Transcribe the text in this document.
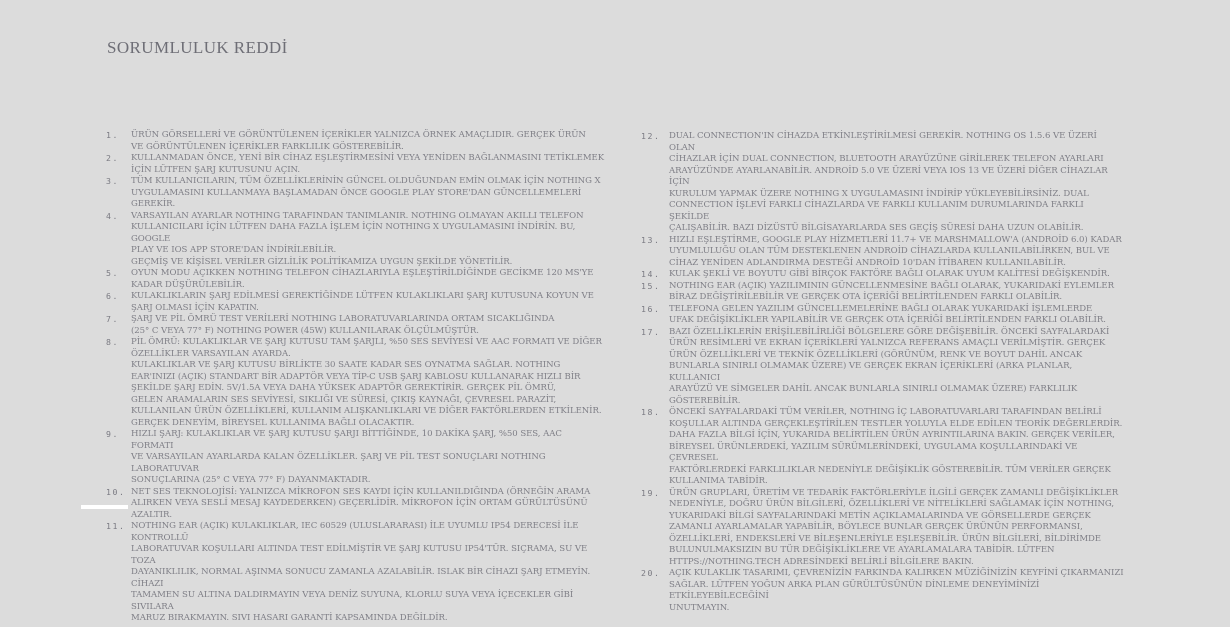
SORUMLULUK REDDİ
1. ÜRÜN GÖRSELLERİ VE GÖRÜNTÜLENEN İÇERİKLER YALNIZCA ÖRNEK AMAÇLIDIR. GERÇEK ÜRÜN
VE GÖRÜNTÜLENEN İÇERİKLER FARKLILIK GÖSTEREBİLİR.
2. KULLANMADAN ÖNCE, YENİ BİR CİHAZ EŞLEŞTİRMESİNİ VEYA YENİDEN BAĞLANMASINI TETİKLEMEK
İÇİN LÜTFEN ŞARJ KUTUSUNU AÇIN.
3. TÜM KULLANICILARIN, TÜM ÖZELLİKLERİNİN GÜNCEL OLDUĞUNDAN EMİN OLMAK İÇİN NOTHING X
UYGULAMASINI KULLANMAYA BAŞLAMADAN ÖNCE GOOGLE PLAY STORE'DAN GÜNCELLEMELERİ GEREKİR.
4. VARSAYILAN AYARLAR NOTHING TARAFINDAN TANIMLANIR. NOTHING OLMAYAN AKILLI TELEFON
KULLANICILARI İÇİN LÜTFEN DAHA FAZLA İŞLEM İÇİN NOTHING X UYGULAMASINI İNDİRİN. BU, GOOGLE
PLAY VE IOS APP STORE'DAN İNDİRİLEBİLİR.
GEÇMİŞ VE KİŞİSEL VERİLER GİZLİLİK POLİTİKAMIZA UYGUN ŞEKİLDE YÖNETİLİR.
5. OYUN MODU AÇIKKEN NOTHING TELEFON CİHAZLARIYLA EŞLEŞTİRİLDİĞİNDE GECİKME 120 MS'YE
KADAR DÜŞÜRÜLEBİLİR.
6. KULAKLIKLARIN ŞARJ EDİLMESİ GEREKTİĞİNDE LÜTFEN KULAKLIKLARI ŞARJ KUTUSUNA KOYUN VE
ŞARJ OLMASI İÇİN KAPATIN.
7. ŞARJ VE PİL ÖMRÜ TEST VERİLERİ NOTHING LABORATUVARLARINDA ORTAM SICAKLIĞINDA
(25° C VEYA 77° F) NOTHING POWER (45W) KULLANILARAK ÖLÇÜLMÜŞTÜR.
8. PİL ÖMRÜ: KULAKLIKLAR VE ŞARJ KUTUSU TAM ŞARJLI, %50 SES SEVİYESİ VE AAC FORMATI VE DİĞER
ÖZELLİKLER VARSAYILAN AYARDA.
KULAKLIKLAR VE ŞARJ KUTUSU BİRLİKTE 30 SAATE KADAR SES OYNATMA SAĞLAR. NOTHING
EAR'INIZI (AÇIK) STANDART BİR ADAPTÖR VEYA TİP-C USB ŞARJ KABLOSU KULLANARAK HIZLI BİR
ŞEKİLDE ŞARJ EDİN. 5V/1.5A VEYA DAHA YÜKSEK ADAPTÖR GEREKTİRİR. GERÇEK PİL ÖMRÜ,
GELEN ARAMALARIN SES SEVİYESİ, SIKLIĞI VE SÜRESİ, ÇIKIŞ KAYNAĞI, ÇEVRESEL PARAZİT,
KULLANILAN ÜRÜN ÖZELLİKLERİ, KULLANIM ALIŞKANLIKLARI VE DİĞER FAKTÖRLERDEN ETKİLENİR.
GERÇEK DENEYİM, BİREYSEL KULLANIMA BAĞLI OLACAKTIR.
9. HIZLI ŞARJ: KULAKLIKLAR VE ŞARJ KUTUSU ŞARJI BİTTİĞİNDE, 10 DAKİKA ŞARJ, %50 SES, AAC FORMATI
VE VARSAYILAN AYARLARDA KALAN ÖZELLİKLER. ŞARJ VE PİL TEST SONUÇLARI NOTHING LABORATUVAR
SONUÇLARINA (25° C VEYA 77° F) DAYANMAKTADIR.
10. NET SES TEKNOLOJİSİ: YALNIZCA MİKROFON SES KAYDI İÇİN KULLANILDIĞINDA (ÖRNEĞİN ARAMA
ALIRKEN VEYA SESLİ MESAJ KAYDEDERKEN) GEÇERLİDİR. MİKROFON İÇİN ORTAM GÜRÜLTÜSÜNÜ AZALTIR.
11. NOTHING EAR (AÇIK) KULAKLIKLAR, IEC 60529 (ULUSLARARASI) İLE UYUMLU IP54 DERECESİ İLE KONTROLLÜ
LABORATUVAR KOŞULLARI ALTINDA TEST EDİLMİŞTİR VE ŞARJ KUTUSU IP54'TÜR. SIÇRAMA, SU VE TOZA
DAYANIKLILIK, NORMAL AŞINMA SONUCU ZAMANLA AZALABİLİR. ISLAK BİR CİHAZI ŞARJ ETMEYİN. CİHAZI
TAMAMEN SU ALTINA DALDIRMAYIN VEYA DENİZ SUYUNA, KLORLU SUYA VEYA İÇECEKLER GİBİ SIVILARA
MARUZ BIRAKMAYIN. SIVI HASARI GARANTİ KAPSAMINDA DEĞİLDİR.
12. DUAL CONNECTION'IN CİHAZDA ETKİNLEŞTİRİLMESİ GEREKİR. NOTHING OS 1.5.6 VE ÜZERİ OLAN
CİHAZLAR İÇİN DUAL CONNECTION, BLUETOOTH ARAYÜZÜNE GİRİLEREK TELEFON AYARLARI
ARAYÜZÜNDE AYARLANABİLİR. ANDROİD 5.0 VE ÜZERİ VEYA IOS 13 VE ÜZERİ DİĞER CİHAZLAR İÇİN
KURULUM YAPMAK ÜZERE NOTHING X UYGULAMASINI İNDİRİP YÜKLEYEBİLİRSİNİZ. DUAL
CONNECTION İŞLEVİ FARKLI CİHAZLARDA VE FARKLI KULLANIM DURUMLARINDA FARKLI ŞEKİLDE
ÇALIŞABİLİR. BAZI DİZÜSTÜ BİLGİSAYARLARDA SES GEÇİŞ SÜRESİ DAHA UZUN OLABİLİR.
13. HIZLI EŞLEŞTİRME, GOOGLE PLAY HİZMETLERİ 11.7+ VE MARSHMALLOW'A (ANDROİD 6.0) KADAR
UYUMLULUĞU OLAN TÜM DESTEKLENEN ANDROİD CİHAZLARDA KULLANILABİLİRKEN, BUL VE
CİHAZ YENİDEN ADLANDIRMA DESTEĞİ ANDROİD 10'DAN İTİBAREN KULLANILABİLİR.
14. KULAK ŞEKLİ VE BOYUTU GİBİ BİRÇOK FAKTÖRE BAĞLI OLARAK UYUM KALİTESİ DEĞİŞKENDİR.
15. NOTHING EAR (AÇIK) YAZILIMININ GÜNCELLENMESİNE BAĞLI OLARAK, YUKARIDAKİ EYLEMLER
BİRAZ DEĞİŞTİRİLEBİLİR VE GERÇEK OTA İÇERİĞİ BELİRTİLENDEN FARKLI OLABİLİR.
16. TELEFONA GELEN YAZILIM GÜNCELLEMELERİNE BAĞLI OLARAK YUKARIDAKİ İŞLEMLERDE
UFAK DEĞİŞİKLİKLER YAPILABİLİR VE GERÇEK OTA İÇERİĞİ BELİRTİLENDEN FARKLI OLABİLİR.
17. BAZI ÖZELLİKLERİN ERİŞİLEBİLİRLİĞİ BÖLGELERE GÖRE DEĞİŞEBİLİR. ÖNCEKİ SAYFALARDAKİ
ÜRÜN RESİMLERİ VE EKRAN İÇERİKLERİ YALNIZCA REFERANS AMAÇLI VERİLMİŞTİR. GERÇEK
ÜRÜN ÖZELLİKLERİ VE TEKNİK ÖZELLİKLERİ (GÖRÜNÜM, RENK VE BOYUT DAHİL ANCAK
BUNLARLA SINIRLI OLMAMAK ÜZERE) VE GERÇEK EKRAN İÇERİKLERİ (ARKA PLANLAR, KULLANICI
ARAYÜZÜ VE SİMGELER DAHİL ANCAK BUNLARLA SINIRLI OLMAMAK ÜZERE) FARKLILIK GÖSTEREBİLİR.
18. ÖNCEKİ SAYFALARDAKİ TÜM VERİLER, NOTHING İÇ LABORATUVARLARI TARAFINDAN BELİRLİ
KOŞULLAR ALTINDA GERÇEKLEŞTİRİLEN TESTLER YOLUYLA ELDE EDİLEN TEORİK DEĞERLERDİR.
DAHA FAZLA BİLGİ İÇİN, YUKARIDA BELİRTİLEN ÜRÜN AYRINTILARINA BAKIN. GERÇEK VERİLER,
BİREYSEL ÜRÜNLERDEKİ, YAZILIM SÜRÜMLERİNDEKİ, UYGULAMA KOŞULLARINDAKİ VE ÇEVRESEL
FAKTÖRLERDEKİ FARKLILIKLAR NEDENİYLE DEĞİŞİKLİK GÖSTEREBİLİR. TÜM VERİLER GERÇEK
KULLANIMA TABİDİR.
19. ÜRÜN GRUPLARI, ÜRETİM VE TEDARİK FAKTÖRLERİYLE İLGİLİ GERÇEK ZAMANLI DEĞİŞİKLİKLER
NEDENİYLE, DOĞRU ÜRÜN BİLGİLERİ, ÖZELLİKLERİ VE NİTELİKLERİ SAĞLAMAK İÇİN NOTHING,
YUKARIDAKİ BİLGİ SAYFALARINDAKİ METİN AÇIKLAMALARINDA VE GÖRSELLERDE GERÇEK
ZAMANLI AYARLAMALAR YAPABİLİR, BÖYLECE BUNLAR GERÇEK ÜRÜNÜN PERFORMANSI,
ÖZELLİKLERİ, ENDEKSLERİ VE BİLEŞENLERİYLE EŞLEŞEBİLİR. ÜRÜN BİLGİLERİ, BİLDİRİMDE
BULUNULMAKSIZIN BU TÜR DEĞİŞİKLİKLERE VE AYARLAMALARA TABİDİR. LÜTFEN
HTTPS://NOTHING.TECH ADRESİNDEKİ BELİRLİ BİLGİLERE BAKIN.
20. AÇIK KULAKLIK TASARIMI, ÇEVRENİZİN FARKINDA KALIRKEN MÜZİĞİNİZİN KEYFİNİ ÇIKARMANIZI
SAĞLAR. LÜTFEN YOĞUN ARKA PLAN GÜRÜLTÜSÜNÜN DİNLEME DENEYİMİNİZİ ETKİLEYEBİLECEĞİNİ
UNUTMAYIN.
